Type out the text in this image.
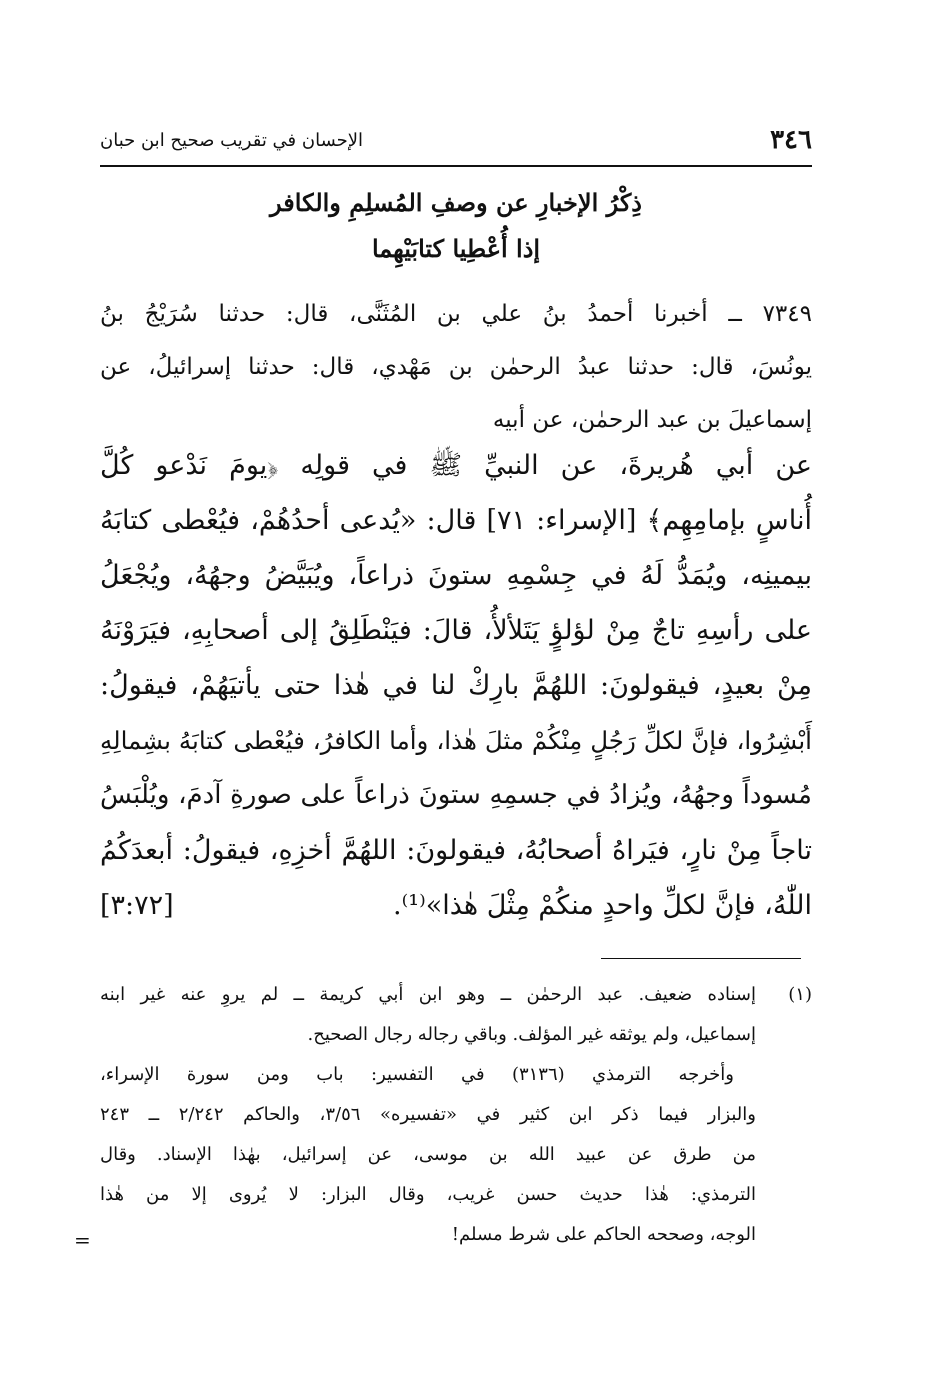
٣٤٦
الإحسان في تقريب صحيح ابن حبان
ذِكْرُ الإخبارِ عن وصفِ المُسلِمِ والكافر
إذا أُعْطِيا كتابَيْهِما
٧٣٤٩ ــ أخبرنا أحمدُ بنُ علي بن المُثَنَّى، قال: حدثنا سُرَيْجُ بنُ
يونُسَ، قال: حدثنا عبدُ الرحمٰن بن مَهْدي، قال: حدثنا إسرائيلُ، عن
إسماعيلَ بن عبد الرحمٰن، عن أبيه
عن أبي هُريرةَ، عن النبيِّ ﷺ في قولِه ﴿يومَ نَدْعو كُلَّ
أُناسٍ بإمامِهِم﴾ [الإسراء: ٧١] قال: «يُدعى أحدُهُمْ، فيُعْطى كتابَهُ
بيمينِه، ويُمَدُّ لَهُ في جِسْمِهِ ستونَ ذراعاً، ويُبَيَّضُ وجهُهُ، ويُجْعَلُ
على رأسِهِ تاجٌ مِنْ لؤلؤٍ يَتَلألأُ، قالَ: فيَنْطَلِقُ إلى أصحابِهِ، فيَرَوْنَهُ
مِنْ بعيدٍ، فيقولونَ: اللهُمَّ بارِكْ لنا في هٰذا حتى يأتيَهُمْ، فيقولُ:
أَبْشِرُوا، فإنَّ لكلِّ رَجُلٍ مِنْكُمْ مثلَ هٰذا، وأما الكافرُ، فيُعْطى كتابَهُ بشِمالِهِ
مُسوداً وجهُهُ، ويُزادُ في جسمِهِ ستونَ ذراعاً على صورةِ آدمَ، ويُلْبَسُ
تاجاً مِنْ نارٍ، فيَراهُ أصحابُهُ، فيقولونَ: اللهُمَّ أخزِهِ، فيقولُ: أبعدَكُمُ
اللّٰهُ، فإنَّ لكلِّ واحدٍ منكُمْ مِثْلَ هٰذا»⁽¹⁾.
[٣:٧٢]
(١)
إسناده ضعيف. عبد الرحمٰن ــ وهو ابن أبي كريمة ــ لم يروِ عنه غير ابنه
إسماعيل، ولم يوثقه غير المؤلف. وباقي رجاله رجال الصحيح.
وأخرجه الترمذي (٣١٣٦) في التفسير: باب ومن سورة الإسراء،
والبزار فيما ذكر ابن كثير في «تفسيره» ٣/٥٦، والحاكم ٢/٢٤٢ ــ ٢٤٣
من طرق عن عبيد الله بن موسى، عن إسرائيل، بهٰذا الإسناد. وقال
الترمذي: هٰذا حديث حسن غريب، وقال البزار: لا يُروى إلا من هٰذا
الوجه، وصححه الحاكم على شرط مسلم!
=
